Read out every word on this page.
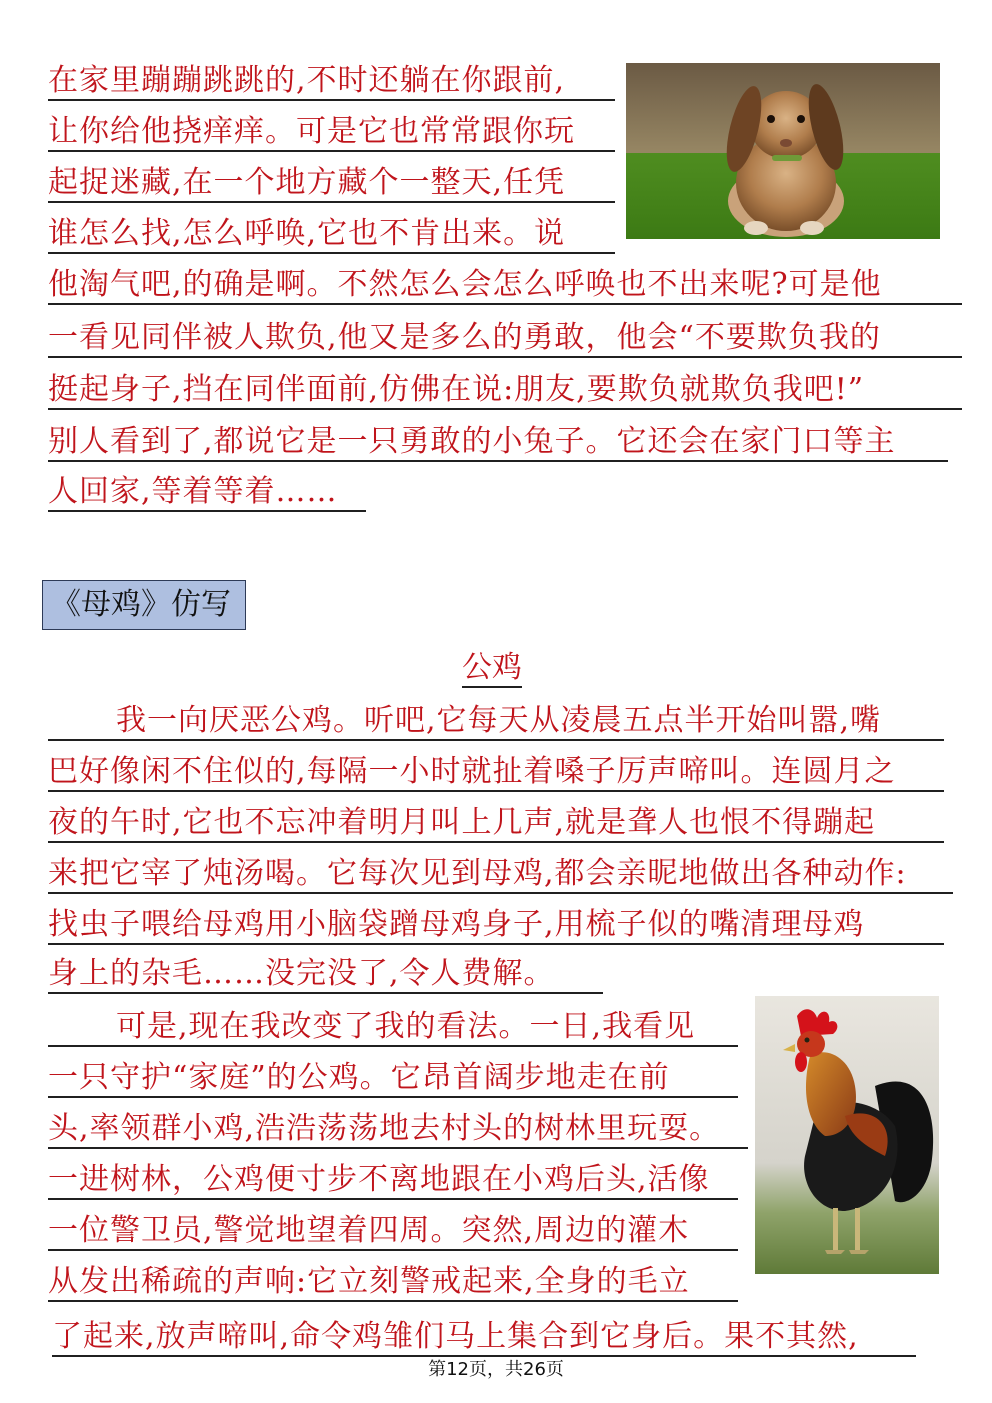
在家里蹦蹦跳跳的,不时还躺在你跟前,
让你给他挠痒痒。可是它也常常跟你玩
起捉迷藏,在一个地方藏个一整天,任凭
谁怎么找,怎么呼唤,它也不肯出来。说
他淘气吧,的确是啊。不然怎么会怎么呼唤也不出来呢?可是他
一看见同伴被人欺负,他又是多么的勇敢，他会“不要欺负我的
挺起身子,挡在同伴面前,仿佛在说:朋友,要欺负就欺负我吧!”
别人看到了,都说它是一只勇敢的小兔子。它还会在家门口等主
人回家,等着等着……
《母鸡》仿写
公鸡
我一向厌恶公鸡。听吧,它每天从凌晨五点半开始叫嚣,嘴
巴好像闲不住似的,每隔一小时就扯着嗓子厉声啼叫。连圆月之
夜的午时,它也不忘冲着明月叫上几声,就是聋人也恨不得蹦起
来把它宰了炖汤喝。它每次见到母鸡,都会亲昵地做出各种动作:
找虫子喂给母鸡用小脑袋蹭母鸡身子,用梳子似的嘴清理母鸡
身上的杂毛……没完没了,令人费解。
可是,现在我改变了我的看法。一日,我看见
一只守护“家庭”的公鸡。它昂首阔步地走在前
头,率领群小鸡,浩浩荡荡地去村头的树林里玩耍。
一进树林，公鸡便寸步不离地跟在小鸡后头,活像
一位警卫员,警觉地望着四周。突然,周边的灌木
从发出稀疏的声响:它立刻警戒起来,全身的毛立
了起来,放声啼叫,命令鸡雏们马上集合到它身后。果不其然,
第12页，共26页
